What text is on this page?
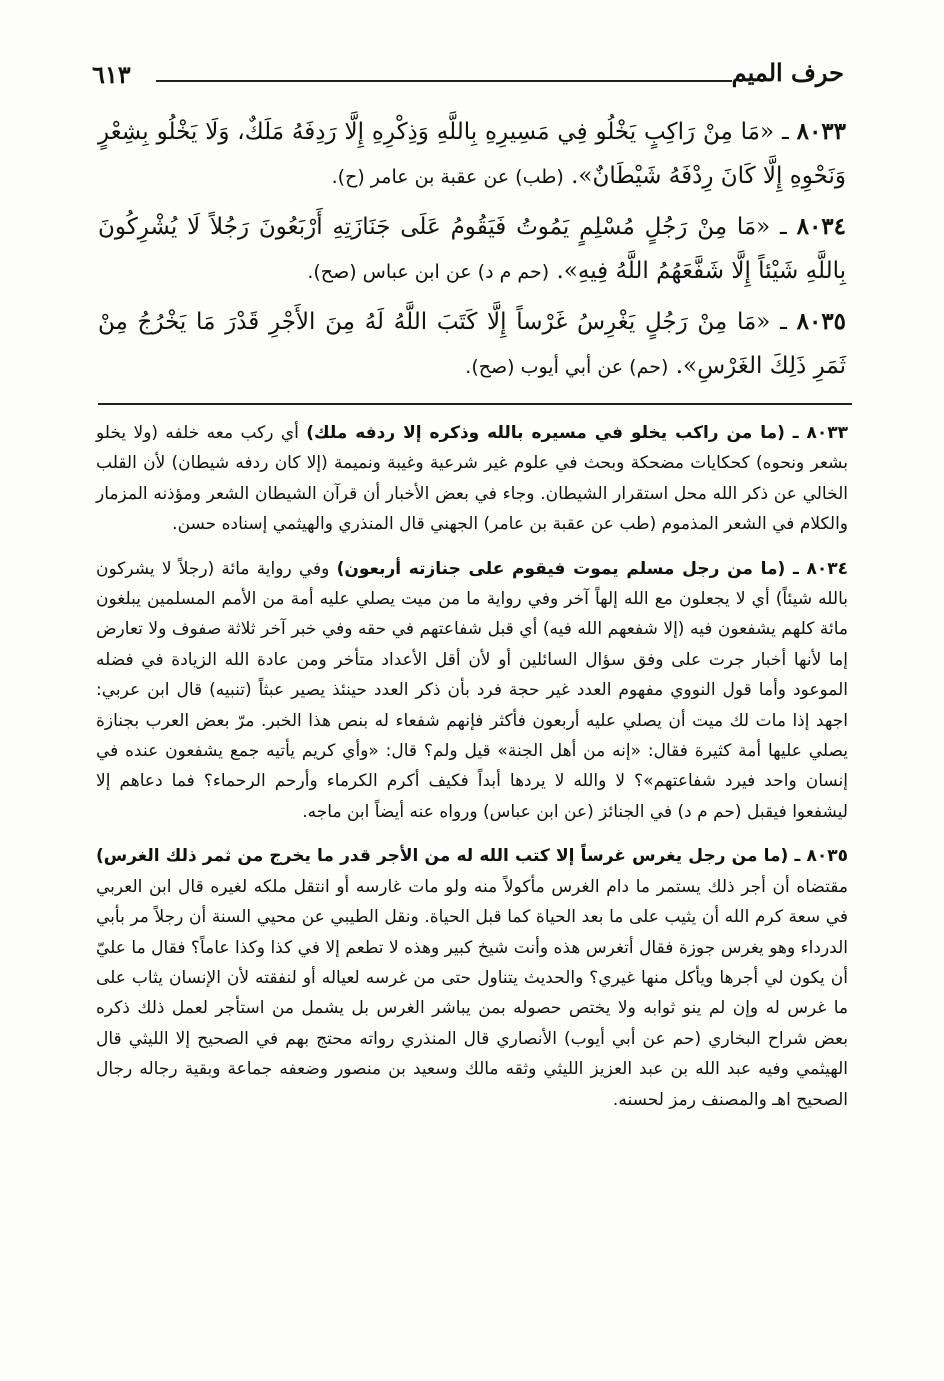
حرف الميم
٦١٣

٨٠٣٣ ـ «مَا مِنْ رَاكِبٍ يَخْلُو فِي مَسِيرِهِ بِاللَّهِ وَذِكْرِهِ إِلَّا رَدِفَهُ مَلَكٌ، وَلَا يَخْلُو بِشِعْرٍ وَنَحْوِهِ إِلَّا كَانَ رِدْفَهُ شَيْطَانٌ». (طب) عن عقبة بن عامر (ح).

٨٠٣٤ ـ «مَا مِنْ رَجُلٍ مُسْلِمٍ يَمُوتُ فَيَقُومُ عَلَى جَنَازَتِهِ أَرْبَعُونَ رَجُلاً لَا يُشْرِكُونَ بِاللَّهِ شَيْئاً إِلَّا شَفَّعَهُمُ اللَّهُ فِيهِ». (حم م د) عن ابن عباس (صح).

٨٠٣٥ ـ «مَا مِنْ رَجُلٍ يَغْرِسُ غَرْساً إِلَّا كَتَبَ اللَّهُ لَهُ مِنَ الأَجْرِ قَدْرَ مَا يَخْرُجُ مِنْ ثَمَرِ ذَلِكَ الغَرْسِ». (حم) عن أبي أيوب (صح).

٨٠٣٣ ـ (ما من راكب يخلو في مسيره بالله وذكره إلا ردفه ملك) أي ركب معه خلفه (ولا يخلو بشعر ونحوه) كحكايات مضحكة وبحث في علوم غير شرعية وغيبة ونميمة (إلا كان ردفه شيطان) لأن القلب الخالي عن ذكر الله محل استقرار الشيطان. وجاء في بعض الأخبار أن قرآن الشيطان الشعر ومؤذنه المزمار والكلام في الشعر المذموم (طب عن عقبة بن عامر) الجهني قال المنذري والهيثمي إسناده حسن.

٨٠٣٤ ـ (ما من رجل مسلم يموت فيقوم على جنازته أربعون) وفي رواية مائة (رجلاً لا يشركون بالله شيئاً) أي لا يجعلون مع الله إلهاً آخر وفي رواية ما من ميت يصلي عليه أمة من الأمم المسلمين يبلغون مائة كلهم يشفعون فيه (إلا شفعهم الله فيه) أي قبل شفاعتهم في حقه وفي خبر آخر ثلاثة صفوف ولا تعارض إما لأنها أخبار جرت على وفق سؤال السائلين أو لأن أقل الأعداد متأخر ومن عادة الله الزيادة في فضله الموعود وأما قول النووي مفهوم العدد غير حجة فرد بأن ذكر العدد حينئذ يصير عبثاً (تنبيه) قال ابن عربي: اجهد إذا مات لك ميت أن يصلي عليه أربعون فأكثر فإنهم شفعاء له بنص هذا الخبر. مرّ بعض العرب بجنازة يصلي عليها أمة كثيرة فقال: «إنه من أهل الجنة» قيل ولم؟ قال: «وأي كريم يأتيه جمع يشفعون عنده في إنسان واحد فيرد شفاعتهم»؟ لا والله لا يردها أبداً فكيف أكرم الكرماء وأرحم الرحماء؟ فما دعاهم إلا ليشفعوا فيقبل (حم م د) في الجنائز (عن ابن عباس) ورواه عنه أيضاً ابن ماجه.

٨٠٣٥ ـ (ما من رجل يغرس غرساً إلا كتب الله له من الأجر قدر ما يخرج من ثمر ذلك الغرس) مقتضاه أن أجر ذلك يستمر ما دام الغرس مأكولاً منه ولو مات غارسه أو انتقل ملكه لغيره قال ابن العربي في سعة كرم الله أن يثيب على ما بعد الحياة كما قبل الحياة. ونقل الطيبي عن محيي السنة أن رجلاً مر بأبي الدرداء وهو يغرس جوزة فقال أتغرس هذه وأنت شيخ كبير وهذه لا تطعم إلا في كذا وكذا عاماً؟ فقال ما عليّ أن يكون لي أجرها ويأكل منها غيري؟ والحديث يتناول حتى من غرسه لعياله أو لنفقته لأن الإنسان يثاب على ما غرس له وإن لم ينو ثوابه ولا يختص حصوله بمن يباشر الغرس بل يشمل من استأجر لعمل ذلك ذكره بعض شراح البخاري (حم عن أبي أيوب) الأنصاري قال المنذري رواته محتج بهم في الصحيح إلا الليثي قال الهيثمي وفيه عبد الله بن عبد العزيز الليثي وثقه مالك وسعيد بن منصور وضعفه جماعة وبقية رجاله رجال الصحيح اهـ والمصنف رمز لحسنه.
